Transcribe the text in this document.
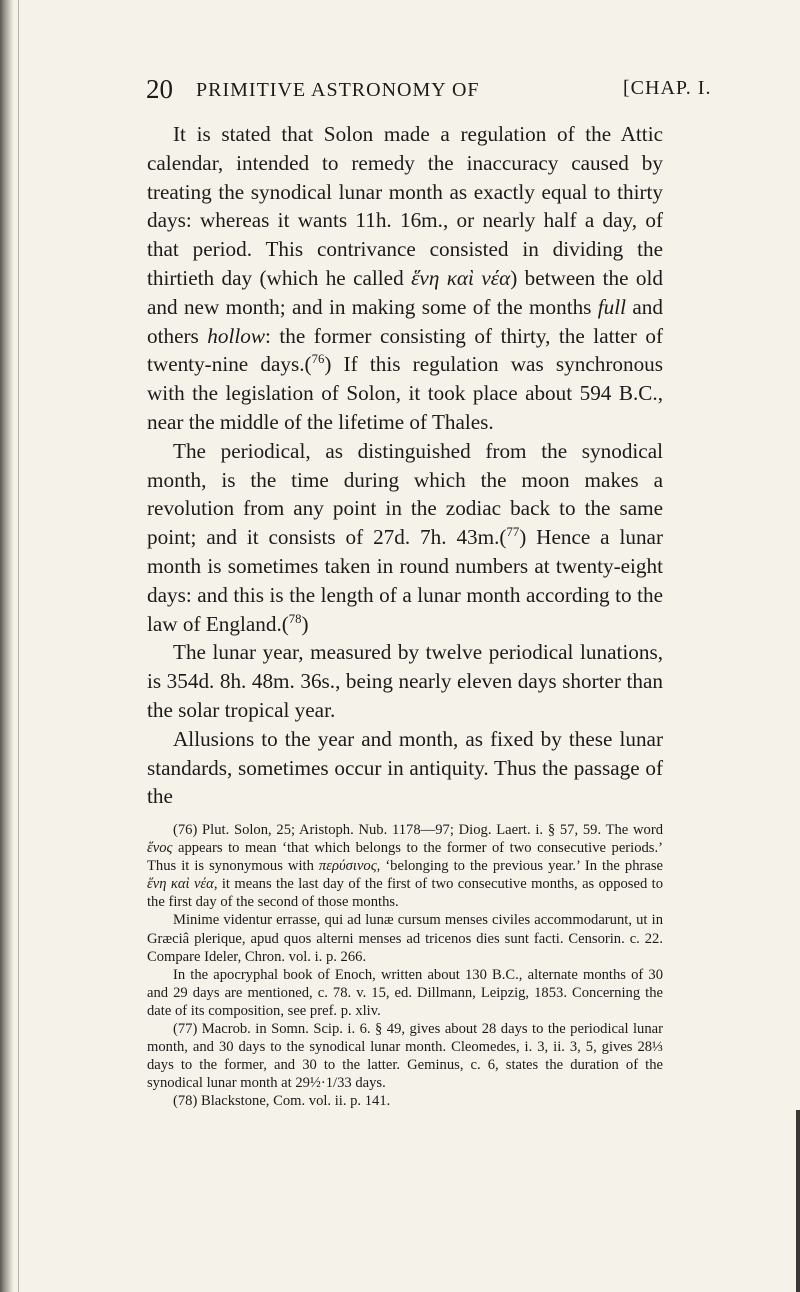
20 PRIMITIVE ASTRONOMY OF	[CHAP. I.

It is stated that Solon made a regulation of the Attic calendar, intended to remedy the inaccuracy caused by treating the synodical lunar month as exactly equal to thirty days: whereas it wants 11h. 16m., or nearly half a day, of that period. This contrivance consisted in dividing the thirtieth day (which he called ἕνη καὶ νέα) between the old and new month; and in making some of the months full and others hollow: the former consisting of thirty, the latter of twenty-nine days.($^{76}$) If this regulation was synchronous with the legislation of Solon, it took place about 594 B.C., near the middle of the lifetime of Thales.

The periodical, as distinguished from the synodical month, is the time during which the moon makes a revolution from any point in the zodiac back to the same point; and it consists of 27d. 7h. 43m.($^{77}$) Hence a lunar month is sometimes taken in round numbers at twenty-eight days: and this is the length of a lunar month according to the law of England.($^{78}$)

The lunar year, measured by twelve periodical lunations, is 354d. 8h. 48m. 36s., being nearly eleven days shorter than the solar tropical year.

Allusions to the year and month, as fixed by these lunar standards, sometimes occur in antiquity. Thus the passage of the

(76) Plut. Solon, 25; Aristoph. Nub. 1178—97; Diog. Laert. i. § 57, 59. The word ἕνος appears to mean ‘that which belongs to the former of two consecutive periods.’ Thus it is synonymous with περύσινος, ‘belonging to the previous year.’ In the phrase ἕνη καὶ νέα, it means the last day of the first of two consecutive months, as opposed to the first day of the second of those months.

Minime videntur errasse, qui ad lunæ cursum menses civiles accommodarunt, ut in Græciâ plerique, apud quos alterni menses ad tricenos dies sunt facti. Censorin. c. 22. Compare Ideler, Chron. vol. i. p. 266.

In the apocryphal book of Enoch, written about 130 B.C., alternate months of 30 and 29 days are mentioned, c. 78. v. 15, ed. Dillmann, Leipzig, 1853. Concerning the date of its composition, see pref. p. xliv.

(77) Macrob. in Somn. Scip. i. 6. § 49, gives about 28 days to the periodical lunar month, and 30 days to the synodical lunar month. Cleomedes, i. 3, ii. 3, 5, gives 28⅓ days to the former, and 30 to the latter. Geminus, c. 6, states the duration of the synodical lunar month at 29½·1/33 days.

(78) Blackstone, Com. vol. ii. p. 141.
